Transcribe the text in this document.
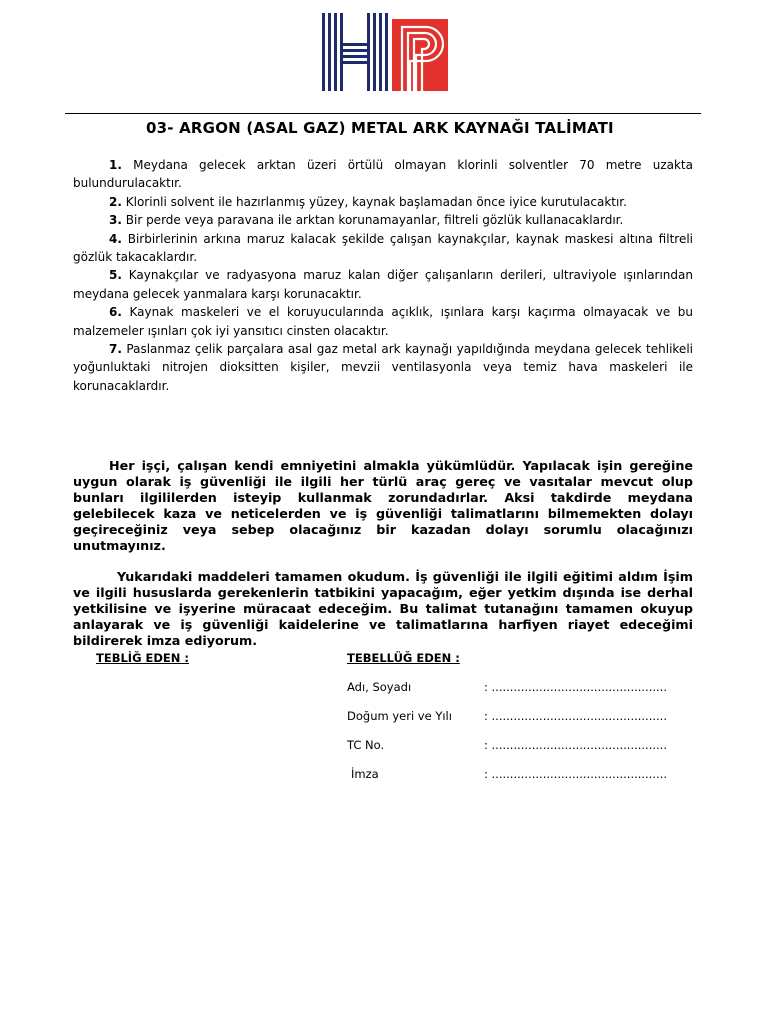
03- ARGON (ASAL GAZ) METAL ARK KAYNAĞI TALİMATI

1. Meydana gelecek arktan üzeri örtülü olmayan klorinli solventler 70 metre uzakta bulundurulacaktır.

2. Klorinli solvent ile hazırlanmış yüzey, kaynak başlamadan önce iyice kurutulacaktır.

3. Bir perde veya paravana ile arktan korunamayanlar, filtreli gözlük kullanacaklardır.

4. Birbirlerinin arkına maruz kalacak şekilde çalışan kaynakçılar, kaynak maskesi altına filtreli gözlük takacaklardır.

5. Kaynakçılar ve radyasyona maruz kalan diğer çalışanların derileri, ultraviyole ışınlarından meydana gelecek yanmalara karşı korunacaktır.

6. Kaynak maskeleri ve el koruyucularında açıklık, ışınlara karşı kaçırma olmayacak ve bu malzemeler ışınları çok iyi yansıtıcı cinsten olacaktır.

7. Paslanmaz çelik parçalara asal gaz metal ark kaynağı yapıldığında meydana gelecek tehlikeli yoğunluktaki nitrojen dioksitten kişiler, mevzii ventilasyonla veya temiz hava maskeleri ile korunacaklardır.

Her işçi, çalışan kendi emniyetini almakla yükümlüdür. Yapılacak işin gereğine uygun olarak iş güvenliği ile ilgili her türlü araç gereç ve vasıtalar mevcut olup bunları ilgililerden isteyip kullanmak zorundadırlar. Aksi takdirde meydana gelebilecek kaza ve neticelerden ve iş güvenliği talimatlarını bilmemekten dolayı geçireceğiniz veya sebep olacağınız bir kazadan dolayı sorumlu olacağınızı unutmayınız.

Yukarıdaki maddeleri tamamen okudum. İş güvenliği ile ilgili eğitimi aldım İşim ve ilgili hususlarda gerekenlerin tatbikini yapacağım, eğer yetkim dışında ise derhal yetkilisine ve işyerine müracaat edeceğim. Bu talimat tutanağını tamamen okuyup anlayarak ve iş güvenliği kaidelerine ve talimatlarına harfiyen riayet edeceğimi bildirerek imza ediyorum.

TEBLİĞ EDEN :	TEBELLÜĞ EDEN :
Adı, Soyadı	: ................................................
Doğum yeri ve Yılı	: ................................................
TC No.	: ................................................
İmza	: ................................................
